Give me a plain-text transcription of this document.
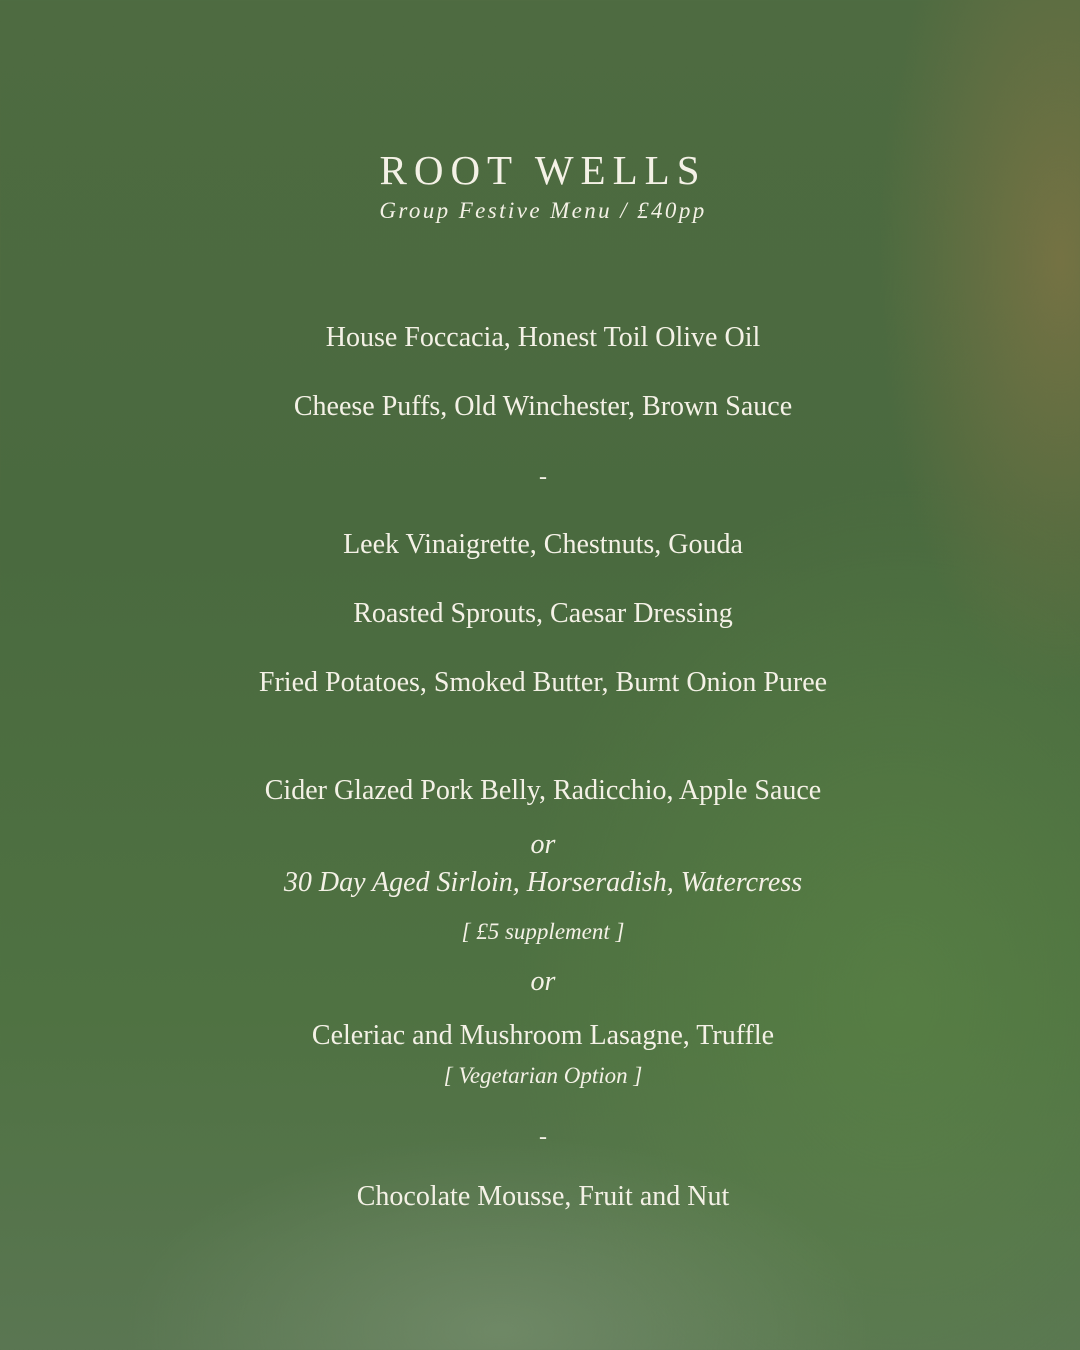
ROOT WELLS
Group Festive Menu / £40pp
House Foccacia, Honest Toil Olive Oil
Cheese Puffs, Old Winchester, Brown Sauce
-
Leek Vinaigrette, Chestnuts, Gouda
Roasted Sprouts, Caesar Dressing
Fried Potatoes, Smoked Butter, Burnt Onion Puree
Cider Glazed Pork Belly, Radicchio, Apple Sauce
or
30 Day Aged Sirloin, Horseradish, Watercress
[ £5 supplement ]
or
Celeriac and Mushroom Lasagne, Truffle
[ Vegetarian Option ]
-
Chocolate Mousse, Fruit and Nut
